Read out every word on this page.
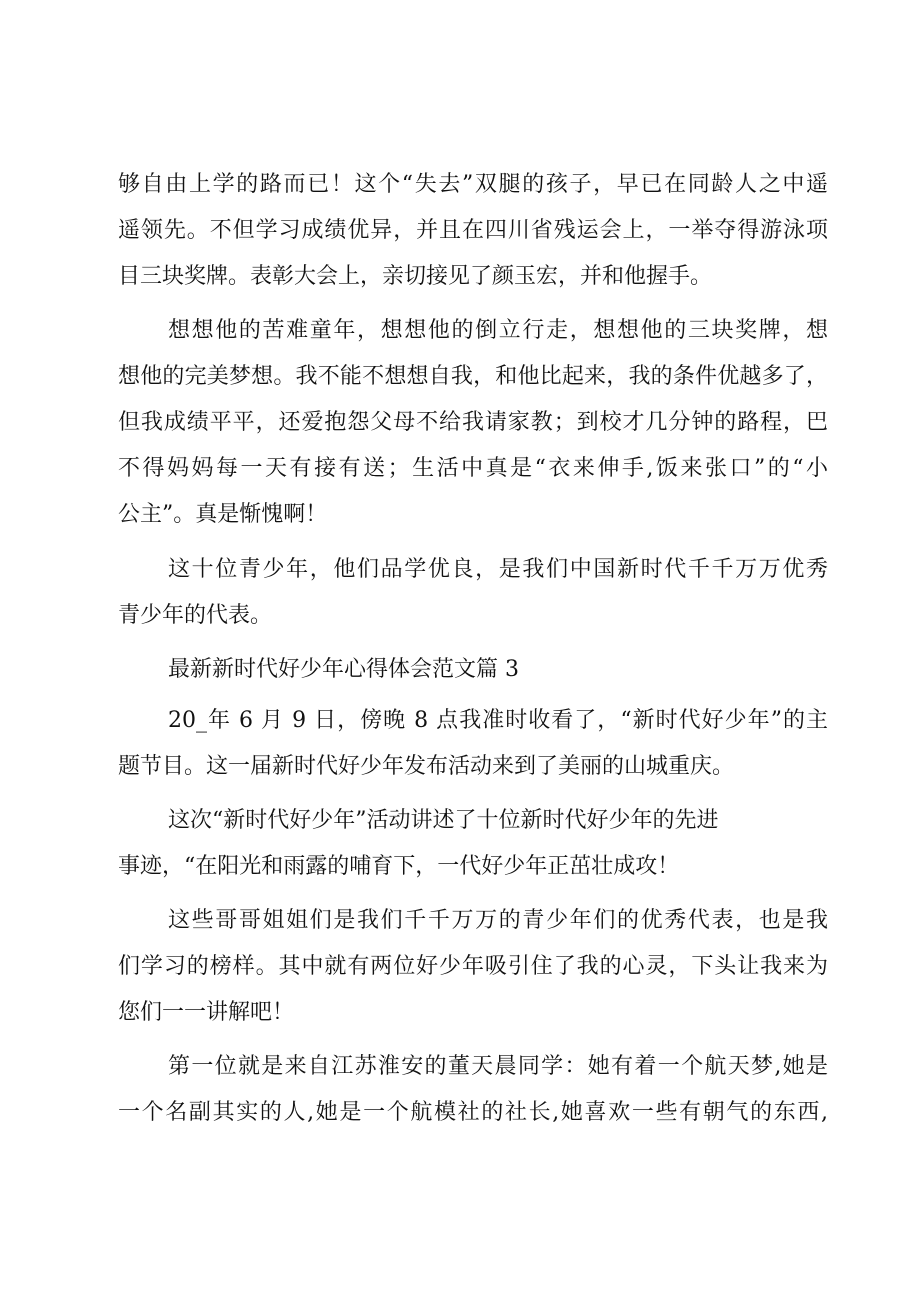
够自由上学的路而已！这个“失去”双腿的孩子，早已在同龄人之中遥
遥领先。不但学习成绩优异，并且在四川省残运会上，一举夺得游泳项
目三块奖牌。表彰大会上，亲切接见了颜玉宏，并和他握手。
想想他的苦难童年，想想他的倒立行走，想想他的三块奖牌，想
想他的完美梦想。我不能不想想自我，和他比起来，我的条件优越多了，
但我成绩平平，还爱抱怨父母不给我请家教；到校才几分钟的路程，巴
不得妈妈每一天有接有送；生活中真是“衣来伸手,饭来张口”的“小
公主”。真是惭愧啊！
这十位青少年，他们品学优良，是我们中国新时代千千万万优秀
青少年的代表。
最新新时代好少年心得体会范文篇 3
20_年 6 月 9 日，傍晚 8 点我准时收看了，“新时代好少年”的主
题节目。这一届新时代好少年发布活动来到了美丽的山城重庆。
这次“新时代好少年”活动讲述了十位新时代好少年的先进
事迹，“在阳光和雨露的哺育下，一代好少年正茁壮成攻！
这些哥哥姐姐们是我们千千万万的青少年们的优秀代表，也是我
们学习的榜样。其中就有两位好少年吸引住了我的心灵，下头让我来为
您们一一讲解吧！
第一位就是来自江苏淮安的董天晨同学：她有着一个航天梦,她是
一个名副其实的人,她是一个航模社的社长,她喜欢一些有朝气的东西,
